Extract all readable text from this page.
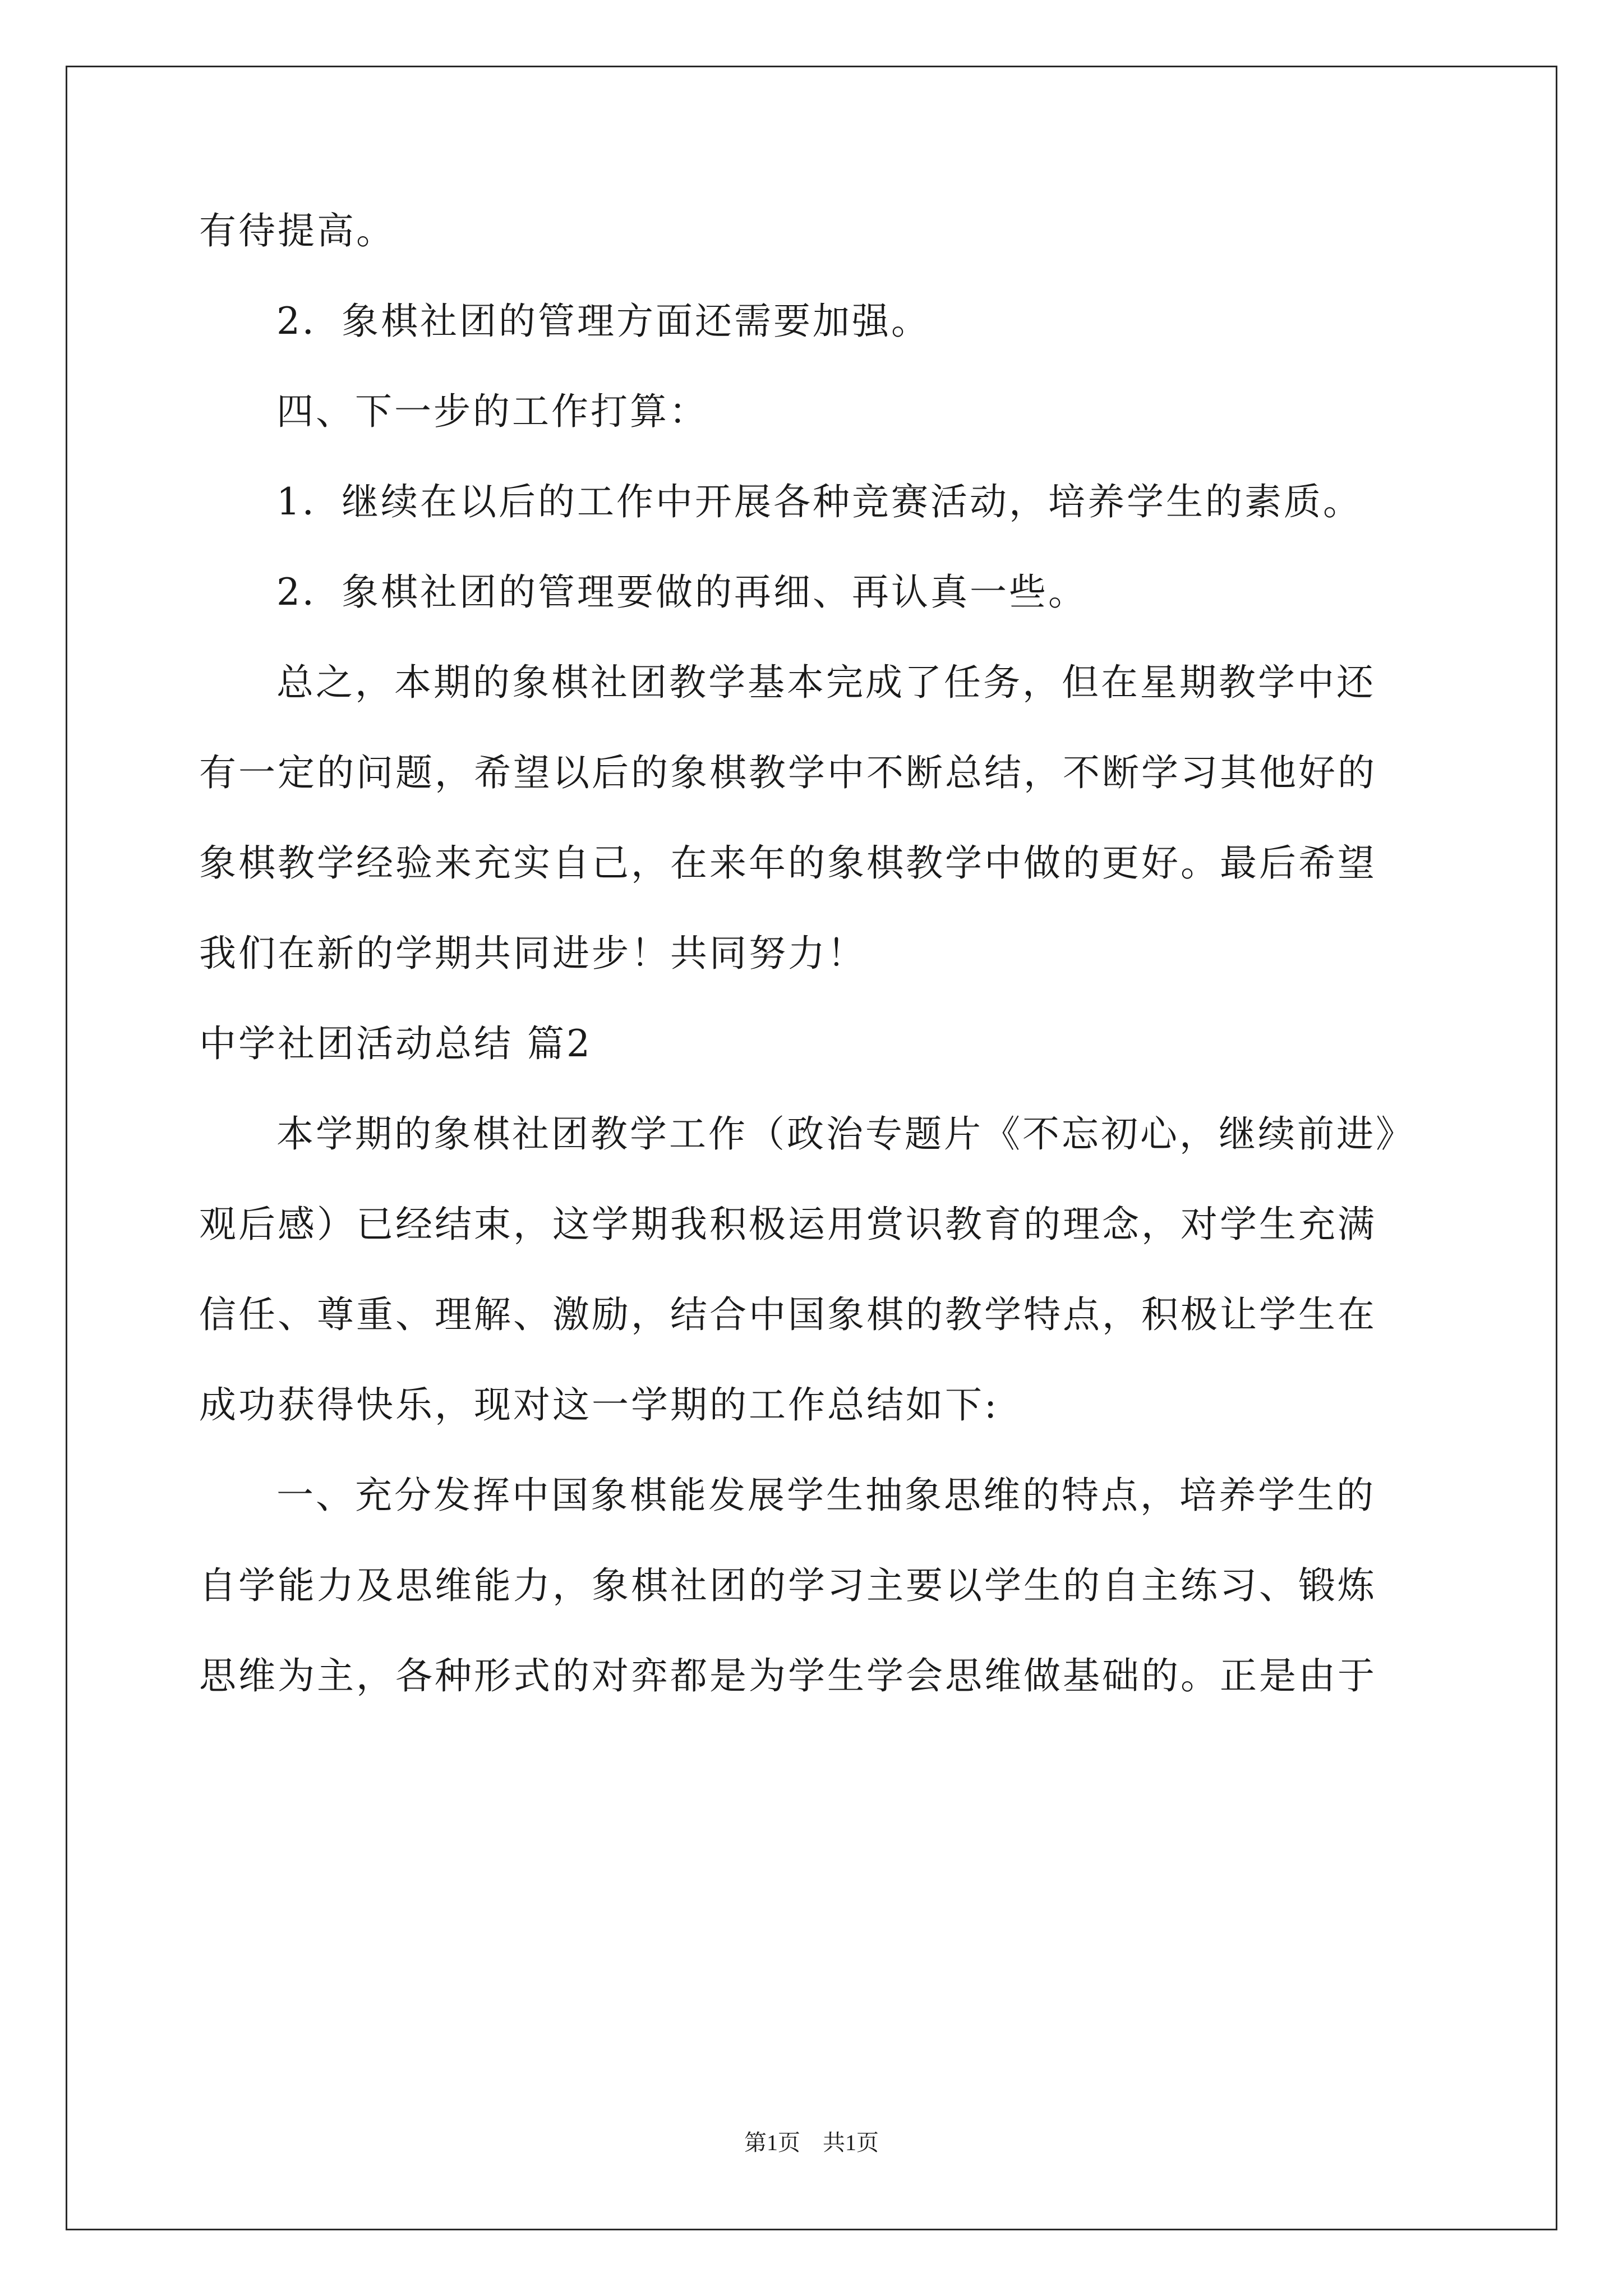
有待提高。
2．象棋社团的管理方面还需要加强。
四、下一步的工作打算：
1．继续在以后的工作中开展各种竞赛活动，培养学生的素质。
2．象棋社团的管理要做的再细、再认真一些。
总之，本期的象棋社团教学基本完成了任务，但在星期教学中还
有一定的问题，希望以后的象棋教学中不断总结，不断学习其他好的
象棋教学经验来充实自己，在来年的象棋教学中做的更好。最后希望
我们在新的学期共同进步！共同努力！
中学社团活动总结 篇2
本学期的象棋社团教学工作（政治专题片《不忘初心，继续前进》
观后感）已经结束，这学期我积极运用赏识教育的理念，对学生充满
信任、尊重、理解、激励，结合中国象棋的教学特点，积极让学生在
成功获得快乐，现对这一学期的工作总结如下:
一、充分发挥中国象棋能发展学生抽象思维的特点，培养学生的
自学能力及思维能力，象棋社团的学习主要以学生的自主练习、锻炼
思维为主，各种形式的对弈都是为学生学会思维做基础的。正是由于
第1页　共1页
